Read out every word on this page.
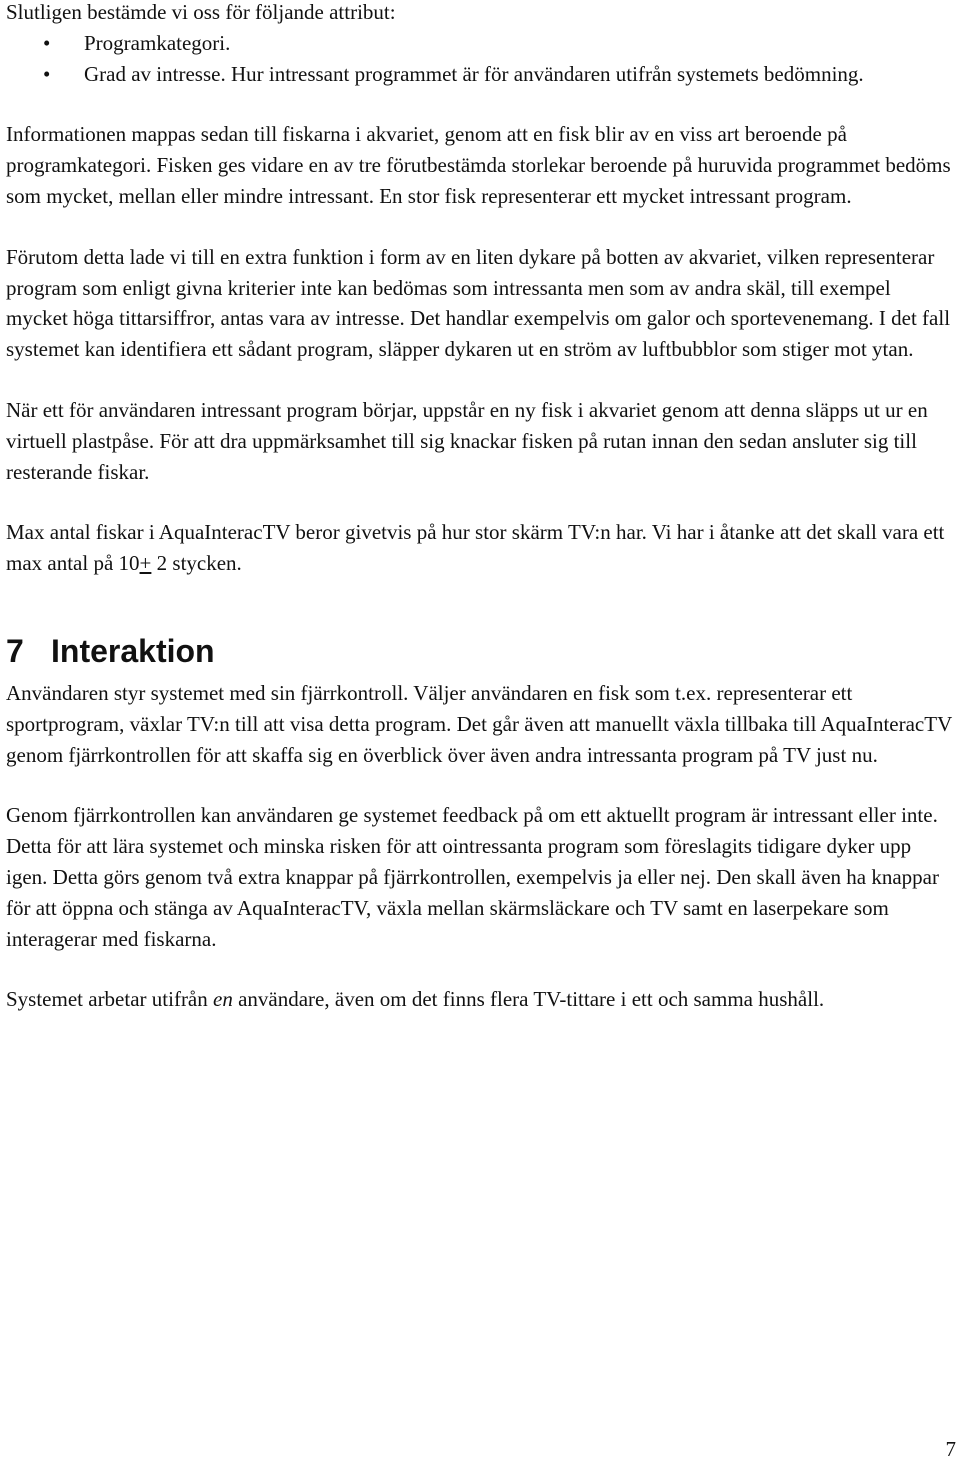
Slutligen bestämde vi oss för följande attribut:

• Programkategori.
• Grad av intresse. Hur intressant programmet är för användaren utifrån systemets bedömning.

Informationen mappas sedan till fiskarna i akvariet, genom att en fisk blir av en viss art beroende på programkategori. Fisken ges vidare en av tre förutbestämda storlekar beroende på huruvida programmet bedöms som mycket, mellan eller mindre intressant. En stor fisk representerar ett mycket intressant program.

Förutom detta lade vi till en extra funktion i form av en liten dykare på botten av akvariet, vilken representerar program som enligt givna kriterier inte kan bedömas som intressanta men som av andra skäl, till exempel mycket höga tittarsiffror, antas vara av intresse. Det handlar exempelvis om galor och sportevenemang. I det fall systemet kan identifiera ett sådant program, släpper dykaren ut en ström av luftbubblor som stiger mot ytan.

När ett för användaren intressant program börjar, uppstår en ny fisk i akvariet genom att denna släpps ut ur en virtuell plastpåse. För att dra uppmärksamhet till sig knackar fisken på rutan innan den sedan ansluter sig till resterande fiskar.

Max antal fiskar i AquaInteracTV beror givetvis på hur stor skärm TV:n har. Vi har i åtanke att det skall vara ett max antal på 10+ 2 stycken.

7 Interaktion

Användaren styr systemet med sin fjärrkontroll. Väljer användaren en fisk som t.ex. representerar ett sportprogram, växlar TV:n till att visa detta program. Det går även att manuellt växla tillbaka till AquaInteracTV genom fjärrkontrollen för att skaffa sig en överblick över även andra intressanta program på TV just nu.

Genom fjärrkontrollen kan användaren ge systemet feedback på om ett aktuellt program är intressant eller inte. Detta för att lära systemet och minska risken för att ointressanta program som föreslagits tidigare dyker upp igen. Detta görs genom två extra knappar på fjärrkontrollen, exempelvis ja eller nej. Den skall även ha knappar för att öppna och stänga av AquaInteracTV, växla mellan skärmsläckare och TV samt en laserpekare som interagerar med fiskarna.

Systemet arbetar utifrån en användare, även om det finns flera TV-tittare i ett och samma hushåll.

7
